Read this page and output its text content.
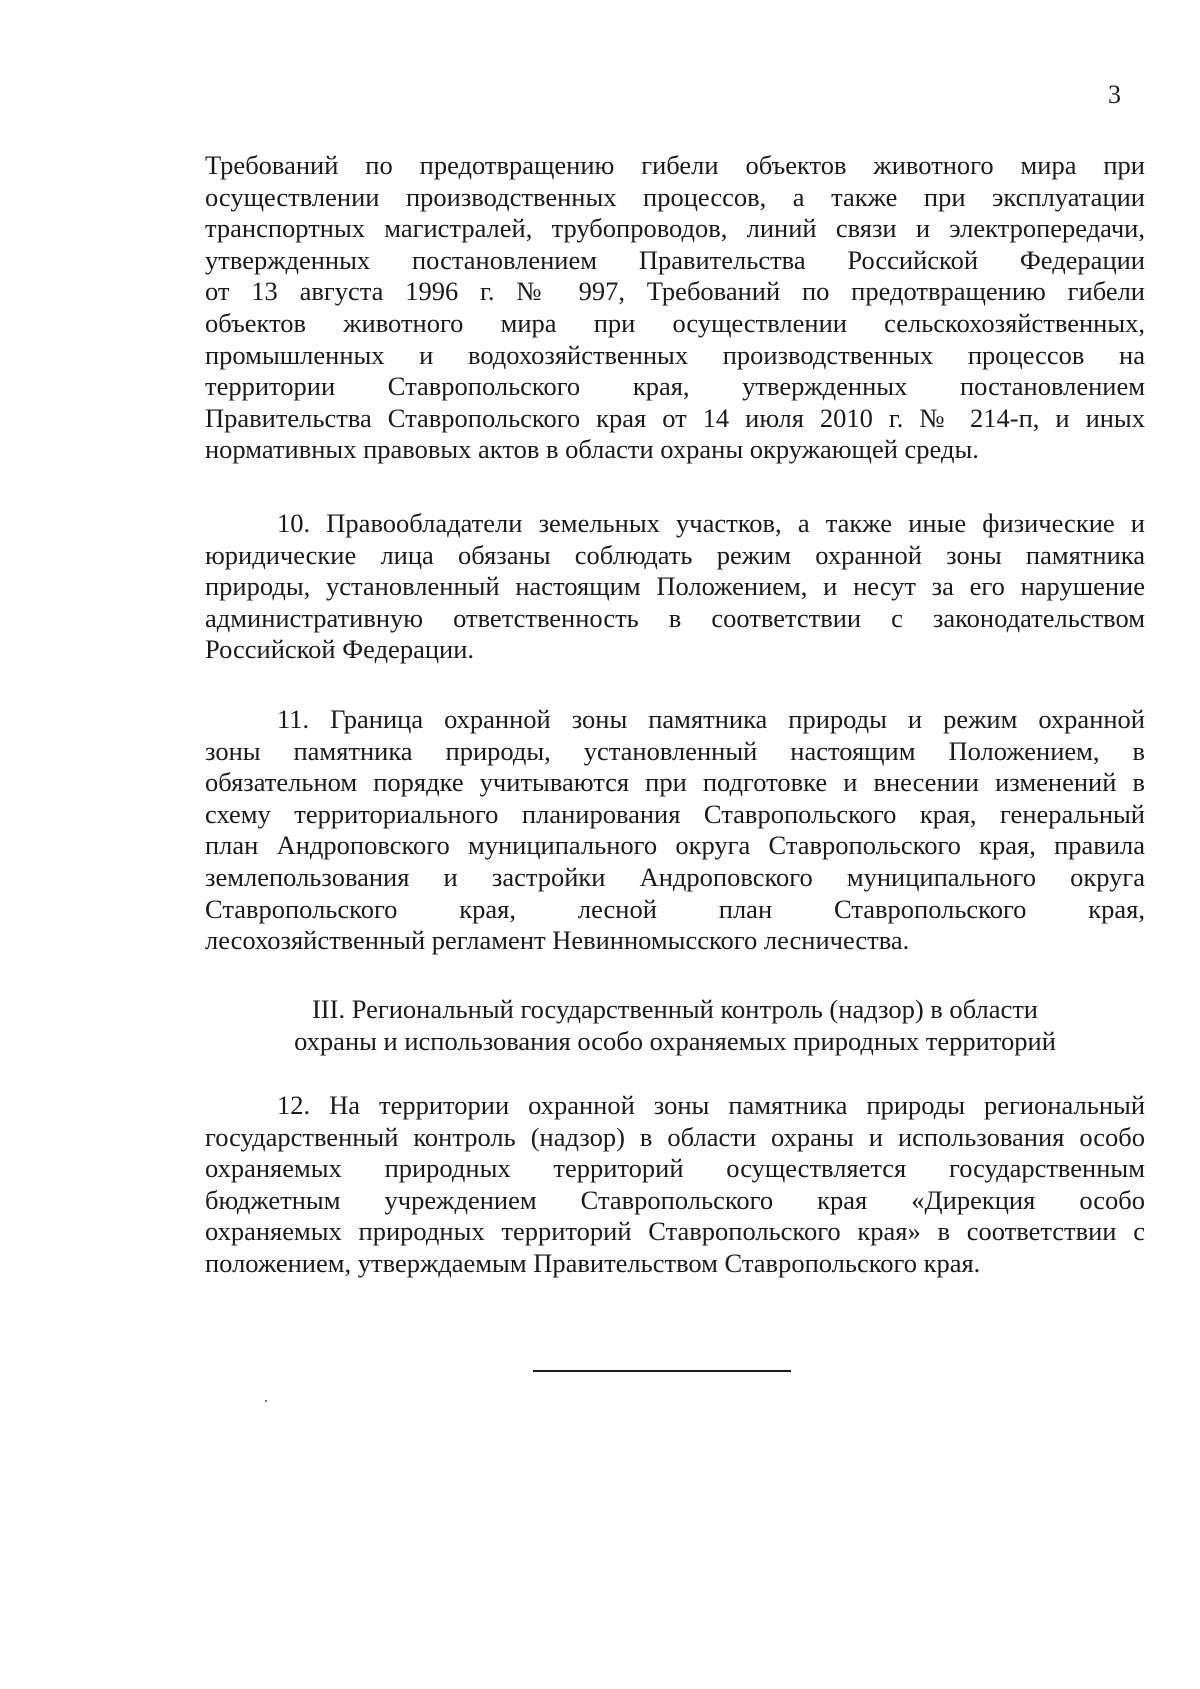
3
Требований по предотвращению гибели объектов животного мира при
осуществлении производственных процессов, а также при эксплуатации
транспортных магистралей, трубопроводов, линий связи и электропередачи,
утвержденных постановлением Правительства Российской Федерации
от 13 августа 1996 г. № 997, Требований по предотвращению гибели
объектов животного мира при осуществлении сельскохозяйственных,
промышленных и водохозяйственных производственных процессов на
территории Ставропольского края, утвержденных постановлением
Правительства Ставропольского края от 14 июля 2010 г. № 214-п, и иных
нормативных правовых актов в области охраны окружающей среды.
10. Правообладатели земельных участков, а также иные физические и
юридические лица обязаны соблюдать режим охранной зоны памятника
природы, установленный настоящим Положением, и несут за его нарушение
административную ответственность в соответствии с законодательством
Российской Федерации.
11. Граница охранной зоны памятника природы и режим охранной
зоны памятника природы, установленный настоящим Положением, в
обязательном порядке учитываются при подготовке и внесении изменений в
схему территориального планирования Ставропольского края, генеральный
план Андроповского муниципального округа Ставропольского края, правила
землепользования и застройки Андроповского муниципального округа
Ставропольского края, лесной план Ставропольского края,
лесохозяйственный регламент Невинномысского лесничества.
III. Региональный государственный контроль (надзор) в области
охраны и использования особо охраняемых природных территорий
12. На территории охранной зоны памятника природы региональный
государственный контроль (надзор) в области охраны и использования особо
охраняемых природных территорий осуществляется государственным
бюджетным учреждением Ставропольского края «Дирекция особо
охраняемых природных территорий Ставропольского края» в соответствии с
положением, утверждаемым Правительством Ставропольского края.
